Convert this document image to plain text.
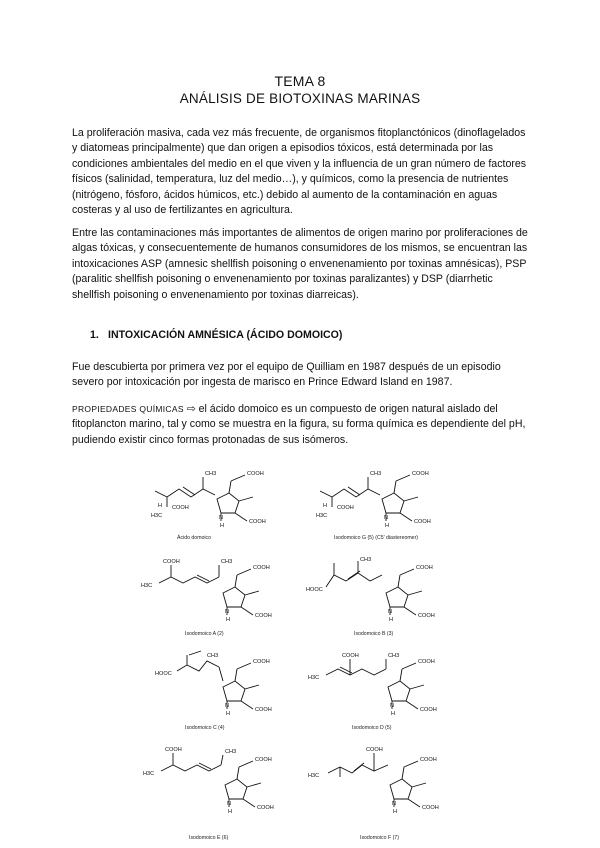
TEMA 8
ANÁLISIS DE BIOTOXINAS MARINAS

La proliferación masiva, cada vez más frecuente, de organismos fitoplanctónicos (dinoflagelados y diatomeas principalmente) que dan origen a episodios tóxicos, está determinada por las condiciones ambientales del medio en el que viven y la influencia de un gran número de factores físicos (salinidad, temperatura, luz del medio…), y químicos, como la presencia de nutrientes (nitrógeno, fósforo, ácidos húmicos, etc.) debido al aumento de la contaminación en aguas costeras y al uso de fertilizantes en agricultura.

Entre las contaminaciones más importantes de alimentos de origen marino por proliferaciones de algas tóxicas, y consecuentemente de humanos consumidores de los mismos, se encuentran las intoxicaciones ASP (amnesic shellfish poisoning o envenenamiento por toxinas amnésicas), PSP (paralitic shellfish poisoning o envenenamiento por toxinas paralizantes) y DSP (diarrhetic shellfish poisoning o envenenamiento por toxinas diarreicas).

1. INTOXICACIÓN AMNÉSICA (ÁCIDO DOMOICO)

Fue descubierta por primera vez por el equipo de Quilliam en 1987 después de un episodio severo por intoxicación por ingesta de marisco en Prince Edward Island en 1987.

PROPIEDADES QUÍMICAS ⇨ el ácido domoico es un compuesto de origen natural aislado del fitoplancton marino, tal y como se muestra en la figura, su forma química es dependiente del pH, pudiendo existir cinco formas protonadas de sus isómeros.

H COOH
H3C
CH3	COOH
COOH
N
H
Ácido domoico
H COOH
H3C
CH3	COOH
COOH
N
H
Isodomoico G (5) (C5' diastereomer)
COOH
H3C
CH3
COOH
COOH
N
H
Isodomoico A (2)
HOOC
CH3
COOH
COOH
N
H
Isodomoico B (3)
HOOC
CH3
COOH
COOH
N
H
Isodomoico C (4)
COOH
H3C
CH3
COOH
COOH
N
H
Isodomoico D (5)
COOH
H3C
CH3
COOH
COOH
N
H
Isodomoico E (6)
H3C
COOH
COOH
COOH
N
H
Isodomoico F (7)
